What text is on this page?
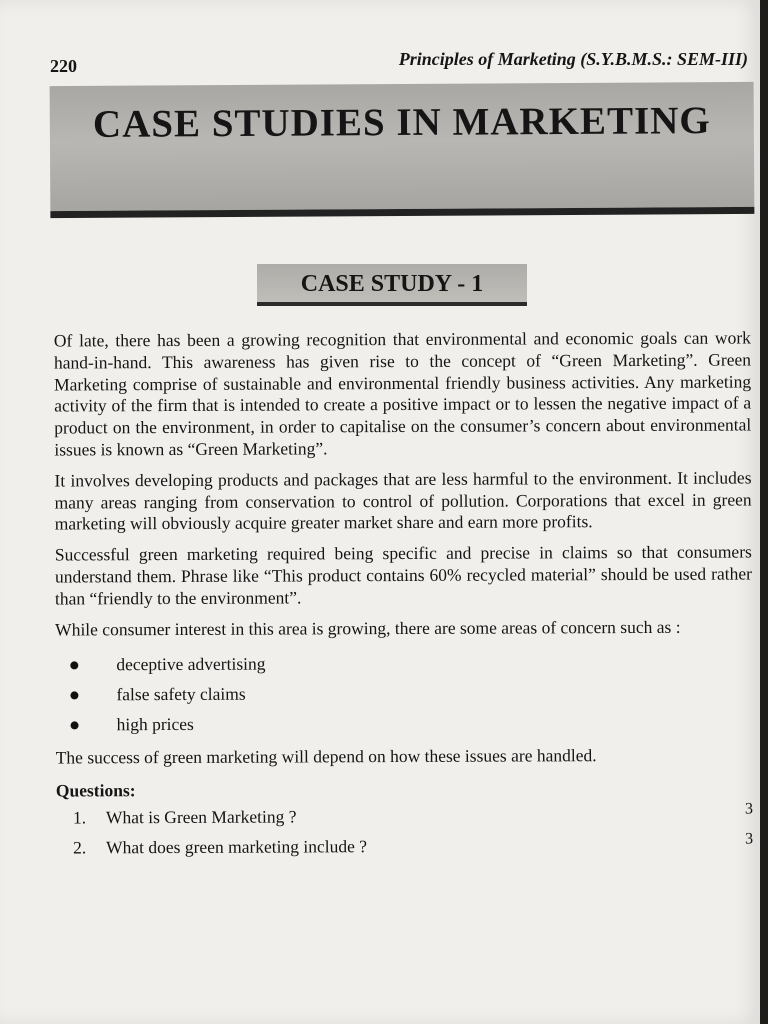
220	Principles of Marketing (S.Y.B.M.S.: SEM-III)
CASE STUDIES IN MARKETING
CASE STUDY - 1

Of late, there has been a growing recognition that environmental and economic goals can work hand-in-hand. This awareness has given rise to the concept of “Green Marketing”. Green Marketing comprise of sustainable and environmental friendly business activities. Any marketing activity of the firm that is intended to create a positive impact or to lessen the negative impact of a product on the environment, in order to capitalise on the consumer’s concern about environmental issues is known as “Green Marketing”.

It involves developing products and packages that are less harmful to the environment. It includes many areas ranging from conservation to control of pollution. Corporations that excel in green marketing will obviously acquire greater market share and earn more profits.

Successful green marketing required being specific and precise in claims so that consumers understand them. Phrase like “This product contains 60% recycled material” should be used rather than “friendly to the environment”.

While consumer interest in this area is growing, there are some areas of concern such as :

deceptive advertising
false safety claims
high prices

The success of green marketing will depend on how these issues are handled.

Questions:
1.	What is Green Marketing ?	3
2.	What does green marketing include ?	3
